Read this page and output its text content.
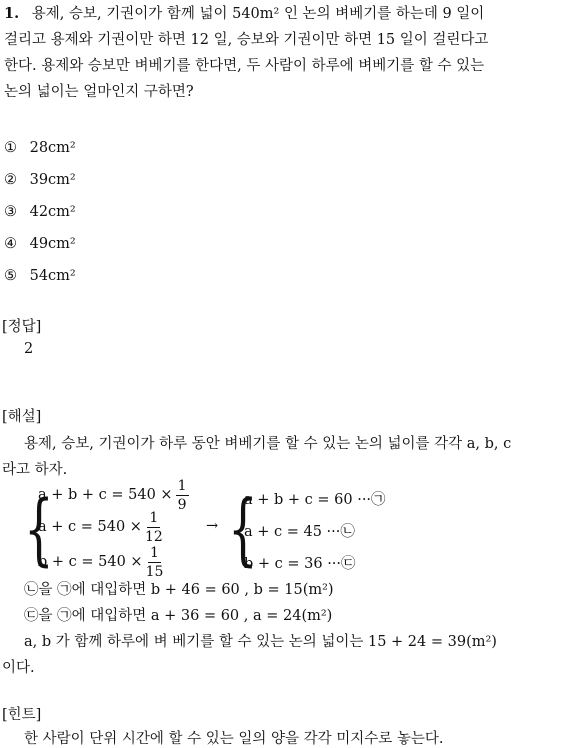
1. 용제, 승보, 기권이가 함께 넓이 540m² 인 논의 벼베기를 하는데 9 일이
걸리고 용제와 기권이만 하면 12 일, 승보와 기권이만 하면 15 일이 걸린다고
한다. 용제와 승보만 벼베기를 한다면, 두 사람이 하루에 벼베기를 할 수 있는
논의 넓이는 얼마인지 구하면?
① 28cm²
② 39cm²
③ 42cm²
④ 49cm²
⑤ 54cm²
[정답]
2
[해설]
용제, 승보, 기권이가 하루 동안 벼베기를 할 수 있는 논의 넓이를 각각 a, b, c
라고 하자.
{
$a + b + c = 540 \times \frac{1}{9}$
$a + c = 540 \times \frac{1}{12}$
$b + c = 540 \times \frac{1}{15}$
→ {
a + b + c = 60 ···㉠
a + c = 45 ···㉡
b + c = 36 ···㉢
㉡을 ㉠에 대입하면 b + 46 = 60 , b = 15(m²)
㉢을 ㉠에 대입하면 a + 36 = 60 , a = 24(m²)
a, b 가 함께 하루에 벼 베기를 할 수 있는 논의 넓이는 15 + 24 = 39(m²)
이다.
[힌트]
한 사람이 단위 시간에 할 수 있는 일의 양을 각각 미지수로 놓는다.
